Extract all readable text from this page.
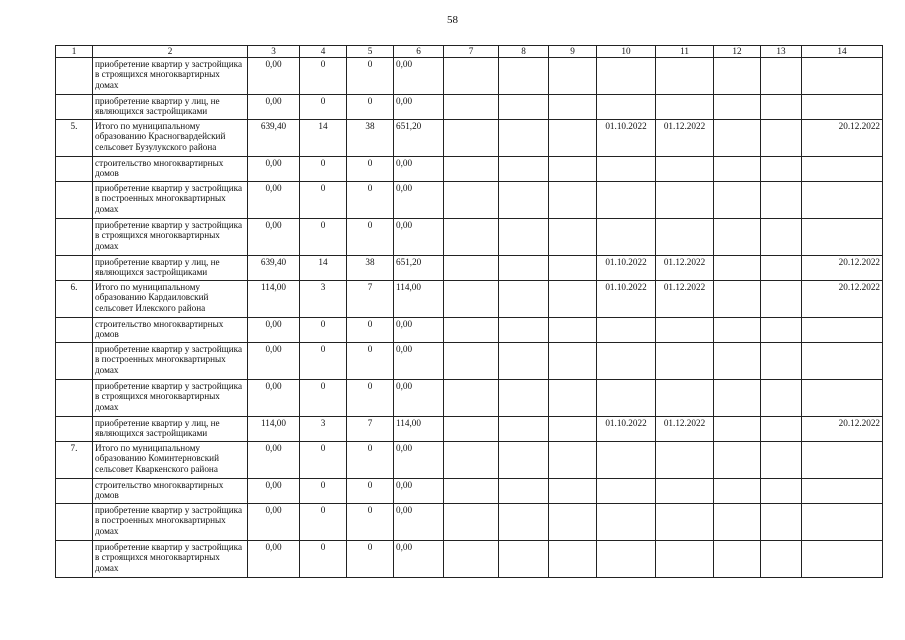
58
1	2	3	4	5	6	7	8	9	10	11	12	13	14
	приобретение квартир у застройщика в строящихся многоквартирных домах	0,00	0	0	0,00								
	приобретение квартир у лиц, не являющихся застройщиками	0,00	0	0	0,00								
5.	Итого по муниципальному образованию Красногвардейский сельсовет Бузулукского района	639,40	14	38	651,20				01.10.2022	01.12.2022			20.12.2022
	строительство многоквартирных домов	0,00	0	0	0,00								
	приобретение квартир у застройщика в построенных многоквартирных домах	0,00	0	0	0,00								
	приобретение квартир у застройщика в строящихся многоквартирных домах	0,00	0	0	0,00								
	приобретение квартир у лиц, не являющихся застройщиками	639,40	14	38	651,20				01.10.2022	01.12.2022			20.12.2022
6.	Итого по муниципальному образованию Кардаиловский сельсовет Илекского района	114,00	3	7	114,00				01.10.2022	01.12.2022			20.12.2022
	строительство многоквартирных домов	0,00	0	0	0,00								
	приобретение квартир у застройщика в построенных многоквартирных домах	0,00	0	0	0,00								
	приобретение квартир у застройщика в строящихся многоквартирных домах	0,00	0	0	0,00								
	приобретение квартир у лиц, не являющихся застройщиками	114,00	3	7	114,00				01.10.2022	01.12.2022			20.12.2022
7.	Итого по муниципальному образованию Коминтерновский сельсовет Кваркенского района	0,00	0	0	0,00								
	строительство многоквартирных домов	0,00	0	0	0,00								
	приобретение квартир у застройщика в построенных многоквартирных домах	0,00	0	0	0,00								
	приобретение квартир у застройщика в строящихся многоквартирных домах	0,00	0	0	0,00								
